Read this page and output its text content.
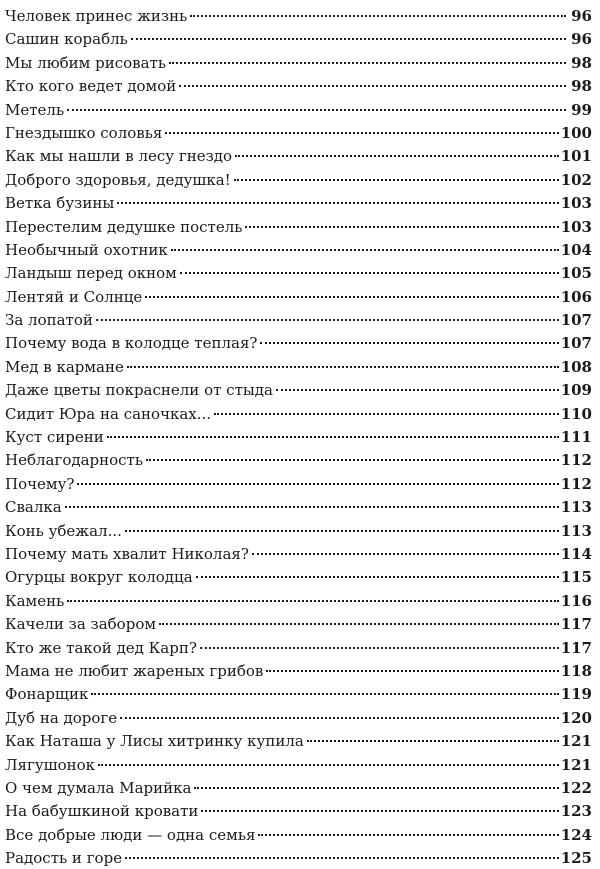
Человек принес жизнь	96
Сашин корабль	96
Мы любим рисовать	98
Кто кого ведет домой	98
Метель	99
Гнездышко соловья	100
Как мы нашли в лесу гнездо	101
Доброго здоровья, дедушка!	102
Ветка бузины	103
Перестелим дедушке постель	103
Необычный охотник	104
Ландыш перед окном	105
Лентяй и Солнце	106
За лопатой	107
Почему вода в колодце теплая?	107
Мед в кармане	108
Даже цветы покраснели от стыда	109
Сидит Юра на саночках...	110
Куст сирени	111
Неблагодарность	112
Почему?	112
Свалка	113
Конь убежал...	113
Почему мать хвалит Николая?	114
Огурцы вокруг колодца	115
Камень	116
Качели за забором	117
Кто же такой дед Карп?	117
Мама не любит жареных грибов	118
Фонарщик	119
Дуб на дороге	120
Как Наташа у Лисы хитринку купила	121
Лягушонок	121
О чем думала Марийка	122
На бабушкиной кровати	123
Все добрые люди — одна семья	124
Радость и горе	125
